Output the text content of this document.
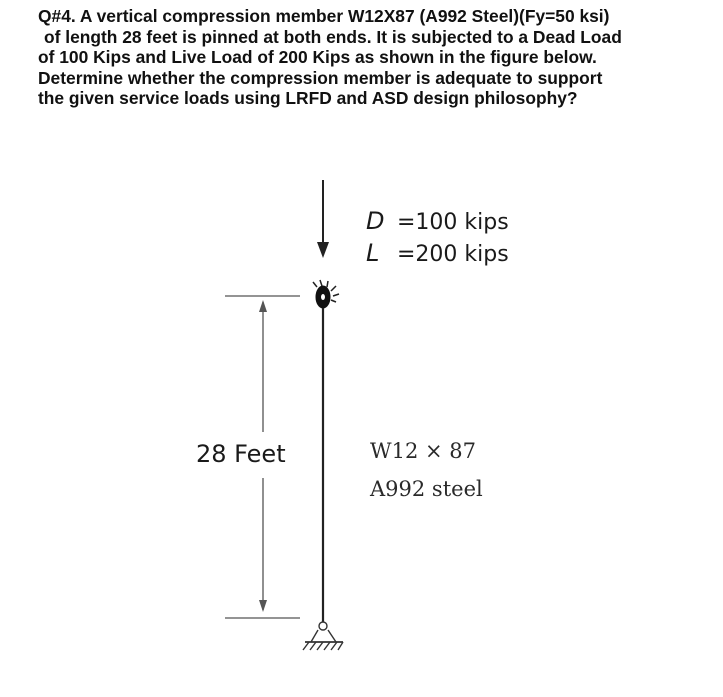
Q#4. A vertical compression member W12X87 (A992 Steel)(Fy=50 ksi)
of length 28 feet is pinned at both ends. It is subjected to a Dead Load
of 100 Kips and Live Load of 200 Kips as shown in the figure below.
Determine whether the compression member is adequate to support
the given service loads using LRFD and ASD design philosophy?
D =100 kips
L =200 kips
28 Feet	W12 × 87
A992 steel
